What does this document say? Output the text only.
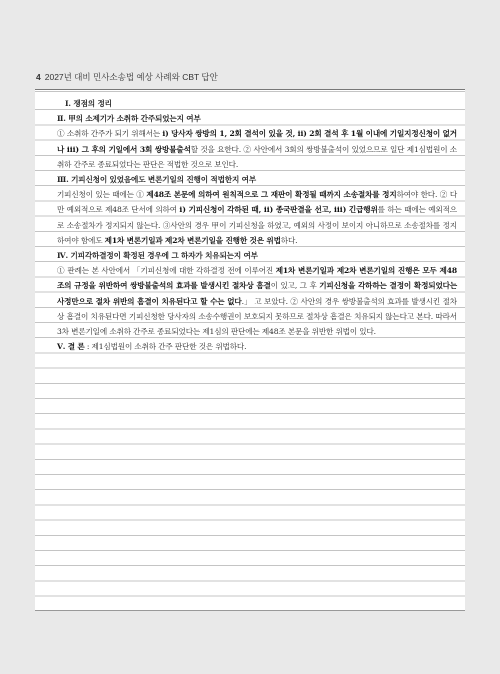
4 2027년 대비 민사소송법 예상 사례와 CBT 답안

Ⅰ. 쟁점의 정리

Ⅱ. 甲의 소제기가 소취하 간주되었는지 여부

① 소취하 간주가 되기 위해서는 ⅰ) 당사자 쌍방의 1, 2회 결석이 있을 것, ⅱ) 2회 결석 후 1월 이내에 기일지정신청이 없거나 ⅲ) 그 후의 기일에서 3회 쌍방불출석할 것을 요한다. ② 사안에서 3회의 쌍방불출석이 있었으므로 일단 제1심법원이 소취하 간주로 종료되었다는 판단은 적법한 것으로 보인다.

Ⅲ. 기피신청이 있었음에도 변론기일의 진행이 적법한지 여부

기피신청이 있는 때에는 ① 제48조 본문에 의하여 원칙적으로 그 재판이 확정될 때까지 소송절차를 정지하여야 한다. ② 다만 예외적으로 제48조 단서에 의하여 ⅰ) 기피신청이 각하된 때, ⅱ) 종국판결을 선고, ⅲ) 긴급행위를 하는 때에는 예외적으로 소송절차가 정지되지 않는다. ③사안의 경우 甲이 기피신청을 하였고, 예외의 사정이 보이지 아니하므로 소송절차를 정지하여야 함에도 제1차 변론기일과 제2차 변론기일을 진행한 것은 위법하다.

Ⅳ. 기피각하결정이 확정된 경우에 그 하자가 치유되는지 여부

① 판례는 본 사안에서 「기피신청에 대한 각하결정 전에 이루어진 제1차 변론기일과 제2차 변론기일의 진행은 모두 제48조의 규정을 위반하여 쌍방불출석의 효과를 발생시킨 절차상 흠결이 있고, 그 후 기피신청을 각하하는 결정이 확정되었다는 사정만으로 절차 위반의 흠결이 치유된다고 할 수는 없다.」 고 보았다. ② 사안의 경우 쌍방불출석의 효과를 발생시킨 절차상 흠결이 치유된다면 기피신청한 당사자의 소송수행권이 보호되지 못하므로 절차상 흠결은 치유되지 않는다고 본다. 따라서 3차 변론기일에 소취하 간주로 종료되었다는 제1심의 판단에는 제48조 본문을 위반한 위법이 있다.

Ⅴ. 결 론 : 제1심법원이 소취하 간주 판단한 것은 위법하다.
